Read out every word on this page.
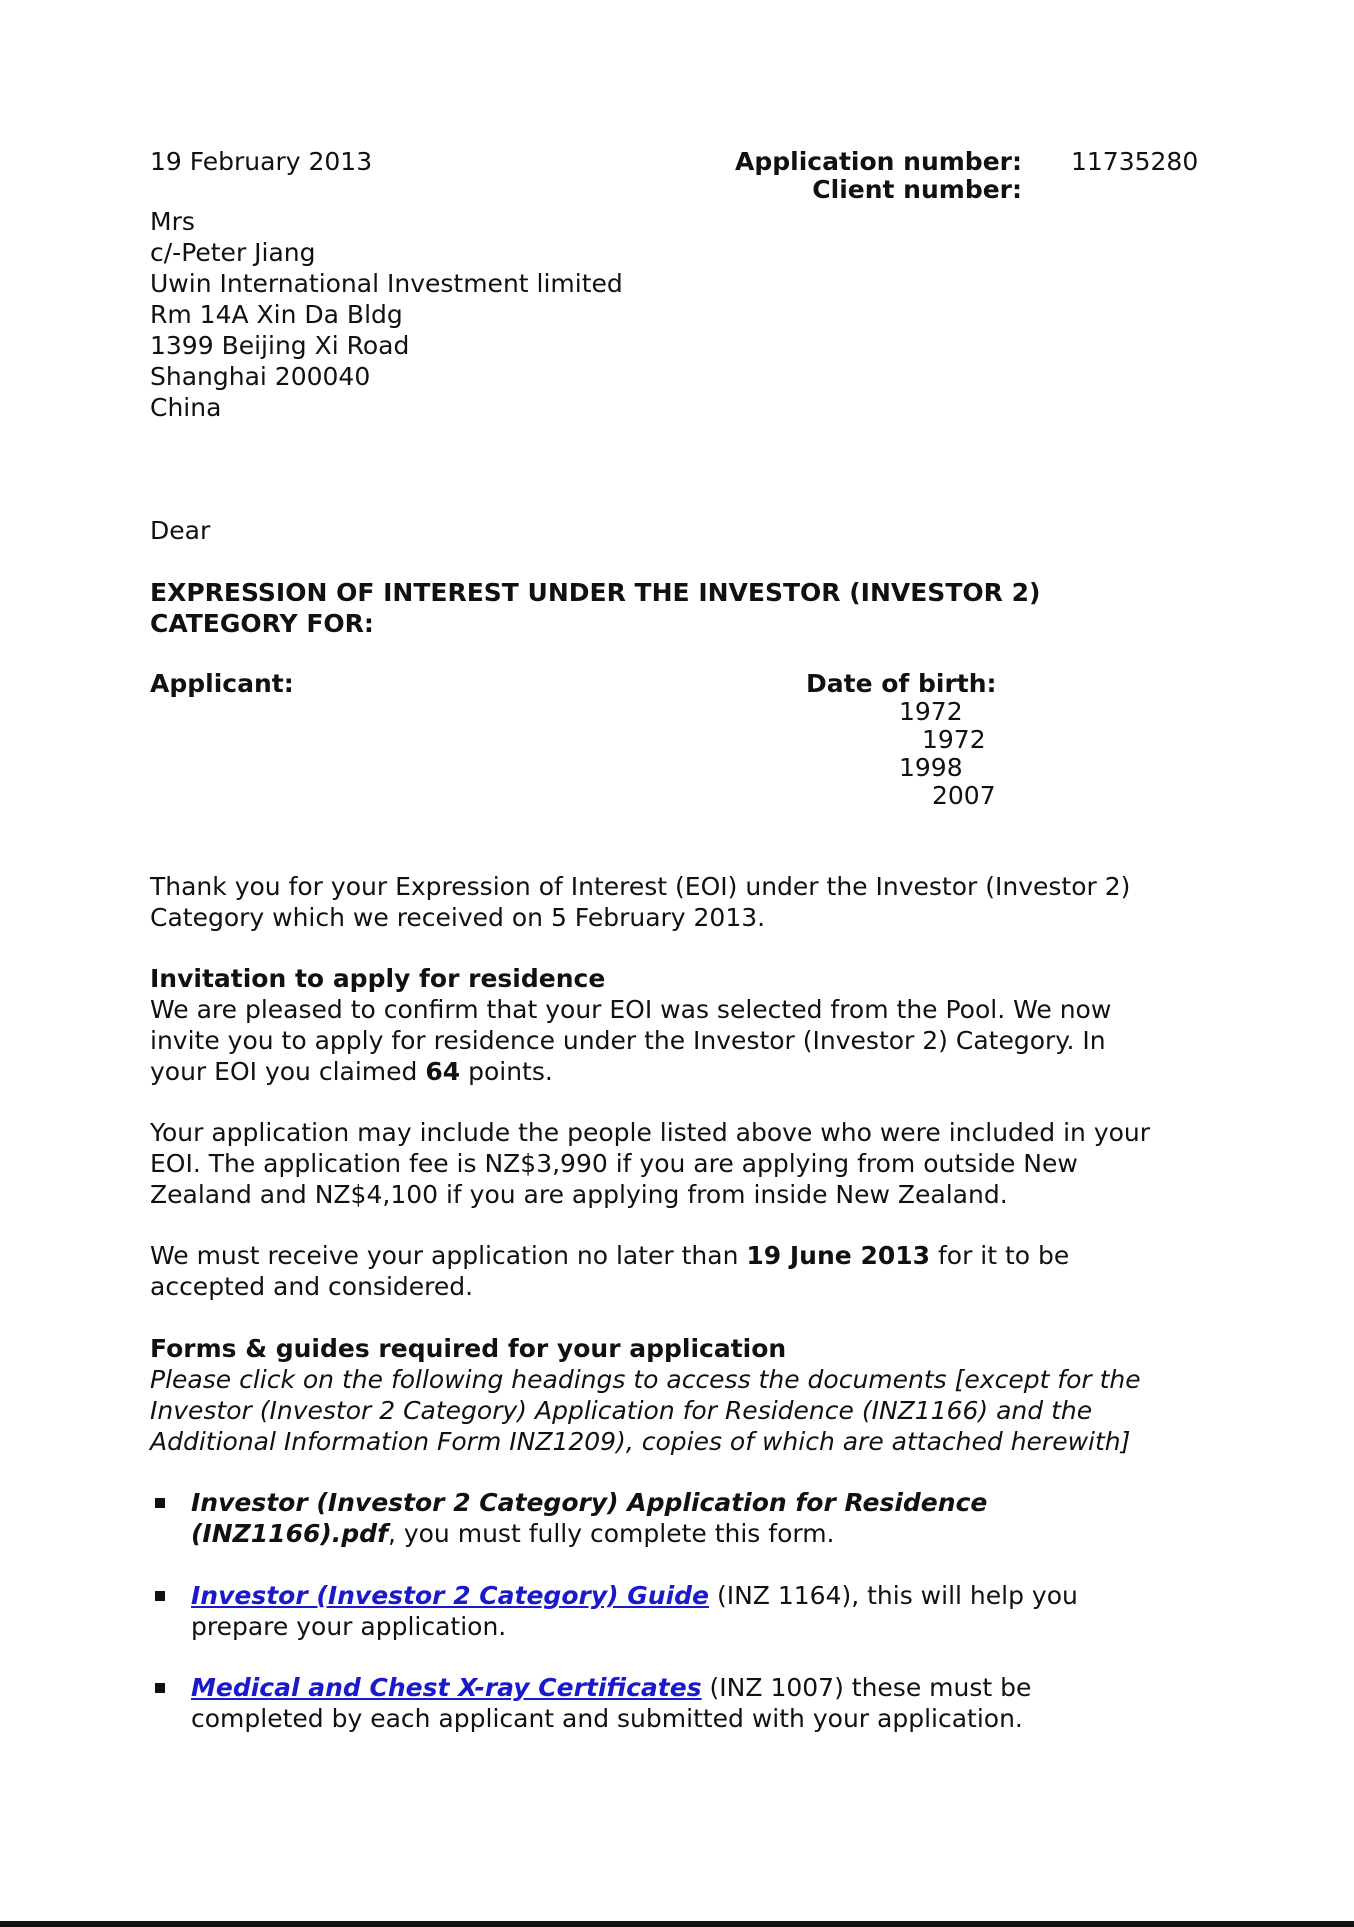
19 February 2013	Application number: 11735280

Client number:

Mrs
c/-Peter Jiang
Uwin International Investment limited
Rm 14A Xin Da Bldg
1399 Beijing Xi Road
Shanghai 200040
China

Dear

EXPRESSION OF INTEREST UNDER THE INVESTOR (INVESTOR 2)
CATEGORY FOR:

Applicant:	Date of birth:

1972

1972

1998

2007

Thank you for your Expression of Interest (EOI) under the Investor (Investor 2)
Category which we received on 5 February 2013.

Invitation to apply for residence

We are pleased to confirm that your EOI was selected from the Pool. We now
invite you to apply for residence under the Investor (Investor 2) Category. In
your EOI you claimed 64 points.
Your application may include the people listed above who were included in your
EOI. The application fee is NZ$3,990 if you are applying from outside New
Zealand and NZ$4,100 if you are applying from inside New Zealand.
We must receive your application no later than 19 June 2013 for it to be
accepted and considered.

Forms & guides required for your application

Please click on the following headings to access the documents [except for the
Investor (Investor 2 Category) Application for Residence (INZ1166) and the
Additional Information Form INZ1209), copies of which are attached herewith]
Investor (Investor 2 Category) Application for Residence
(INZ1166).pdf, you must fully complete this form.
Investor (Investor 2 Category) Guide (INZ 1164), this will help you
prepare your application.
Medical and Chest X-ray Certificates (INZ 1007) these must be
completed by each applicant and submitted with your application.
